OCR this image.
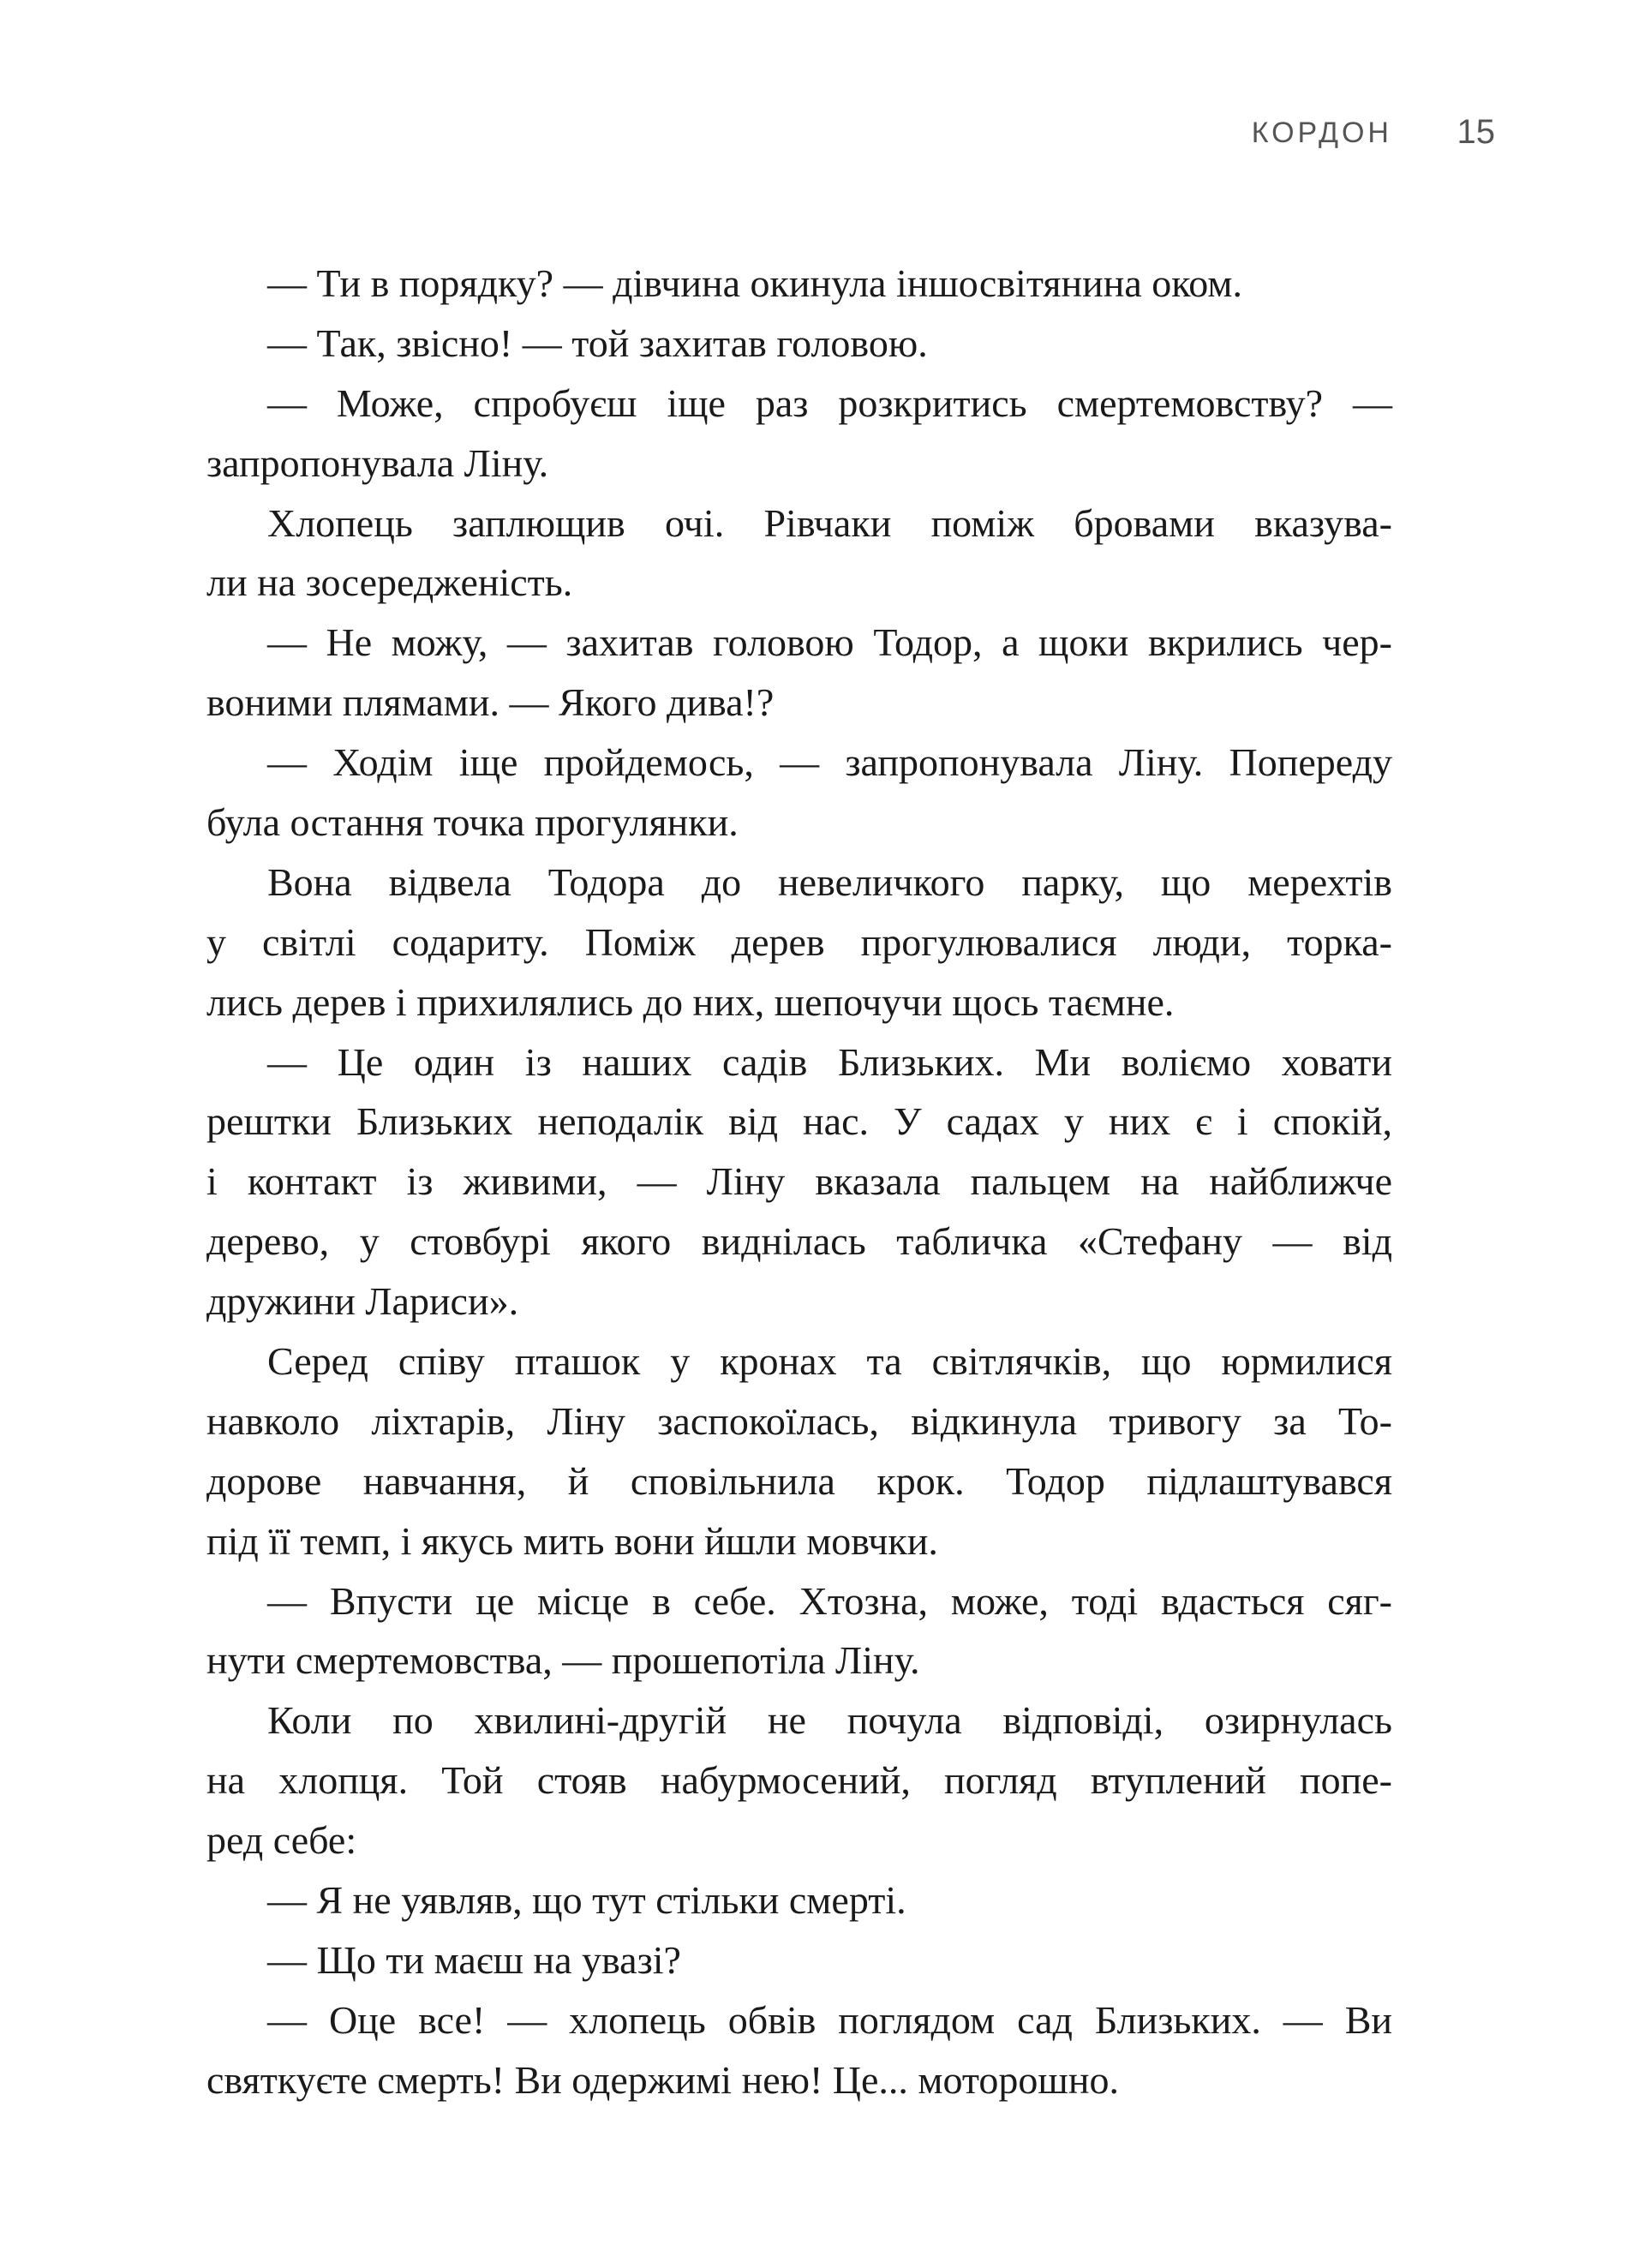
КОРДОН 15
— Ти в порядку? — дівчина окинула іншосвітянина оком.
— Так, звісно! — той захитав головою.
— Може, спробуєш іще раз розкритись смертемовству? —
запропонувала Ліну.
Хлопець заплющив очі. Рівчаки поміж бровами вказува-
ли на зосередженість.
— Не можу, — захитав головою Тодор, а щоки вкрились чер-
воними плямами. — Якого дива!?
— Ходім іще пройдемось, — запропонувала Ліну. Попереду
була остання точка прогулянки.
Вона відвела Тодора до невеличкого парку, що мерехтів
у світлі содариту. Поміж дерев прогулювалися люди, торка-
лись дерев і прихилялись до них, шепочучи щось таємне.
— Це один із наших садів Близьких. Ми воліємо ховати
рештки Близьких неподалік від нас. У садах у них є і спокій,
і контакт із живими, — Ліну вказала пальцем на найближче
дерево, у стовбурі якого виднілась табличка «Стефану — від
дружини Лариси».
Серед співу пташок у кронах та світлячків, що юрмилися
навколо ліхтарів, Ліну заспокоїлась, відкинула тривогу за То-
дорове навчання, й сповільнила крок. Тодор підлаштувався
під її темп, і якусь мить вони йшли мовчки.
— Впусти це місце в себе. Хтозна, може, тоді вдасться сяг-
нути смертемовства, — прошепотіла Ліну.
Коли по хвилині-другій не почула відповіді, озирнулась
на хлопця. Той стояв набурмосений, погляд втуплений попе-
ред себе:
— Я не уявляв, що тут стільки смерті.
— Що ти маєш на увазі?
— Оце все! — хлопець обвів поглядом сад Близьких. — Ви
святкуєте смерть! Ви одержимі нею! Це... моторошно.
